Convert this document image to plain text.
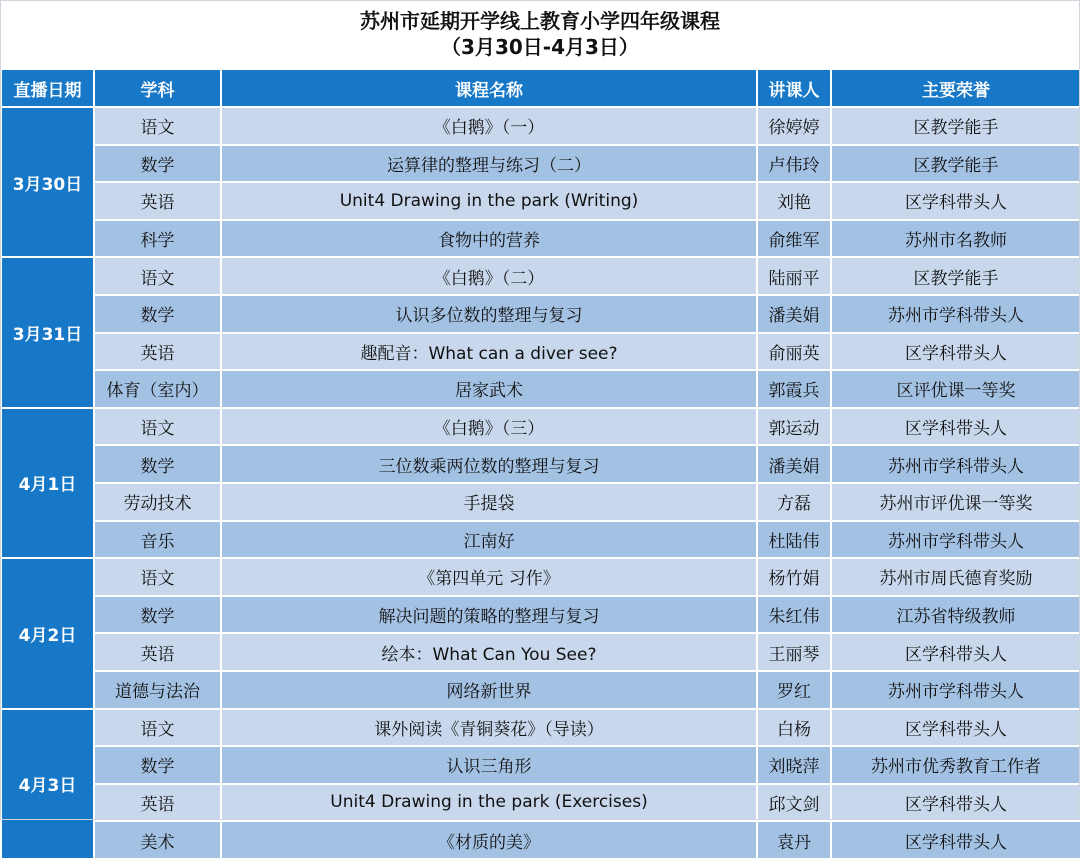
苏州市延期开学线上教育小学四年级课程
（3月30日-4月3日）
直播日期	学科	课程名称	讲课人	主要荣誉
3月30日	语文	《白鹅》（一）	徐婷婷	区教学能手
	数学	运算律的整理与练习（二）	卢伟玲	区教学能手
	英语	Unit4 Drawing in the park (Writing)	刘艳	区学科带头人
	科学	食物中的营养	俞维军	苏州市名教师
3月31日	语文	《白鹅》（二）	陆丽平	区教学能手
	数学	认识多位数的整理与复习	潘美娟	苏州市学科带头人
	英语	趣配音：What can a diver see?	俞丽英	区学科带头人
	体育（室内）	居家武术	郭霞兵	区评优课一等奖
4月1日	语文	《白鹅》（三）	郭运动	区学科带头人
	数学	三位数乘两位数的整理与复习	潘美娟	苏州市学科带头人
	劳动技术	手提袋	方磊	苏州市评优课一等奖
	音乐	江南好	杜陆伟	苏州市学科带头人
4月2日	语文	《第四单元 习作》	杨竹娟	苏州市周氏德育奖励
	数学	解决问题的策略的整理与复习	朱红伟	江苏省特级教师
	英语	绘本：What Can You See?	王丽琴	区学科带头人
	道德与法治	网络新世界	罗红	苏州市学科带头人
4月3日	语文	课外阅读《青铜葵花》（导读）	白杨	区学科带头人
	数学	认识三角形	刘晓萍	苏州市优秀教育工作者
	英语	Unit4 Drawing in the park (Exercises)	邱文剑	区学科带头人
	美术	《材质的美》	袁丹	区学科带头人
